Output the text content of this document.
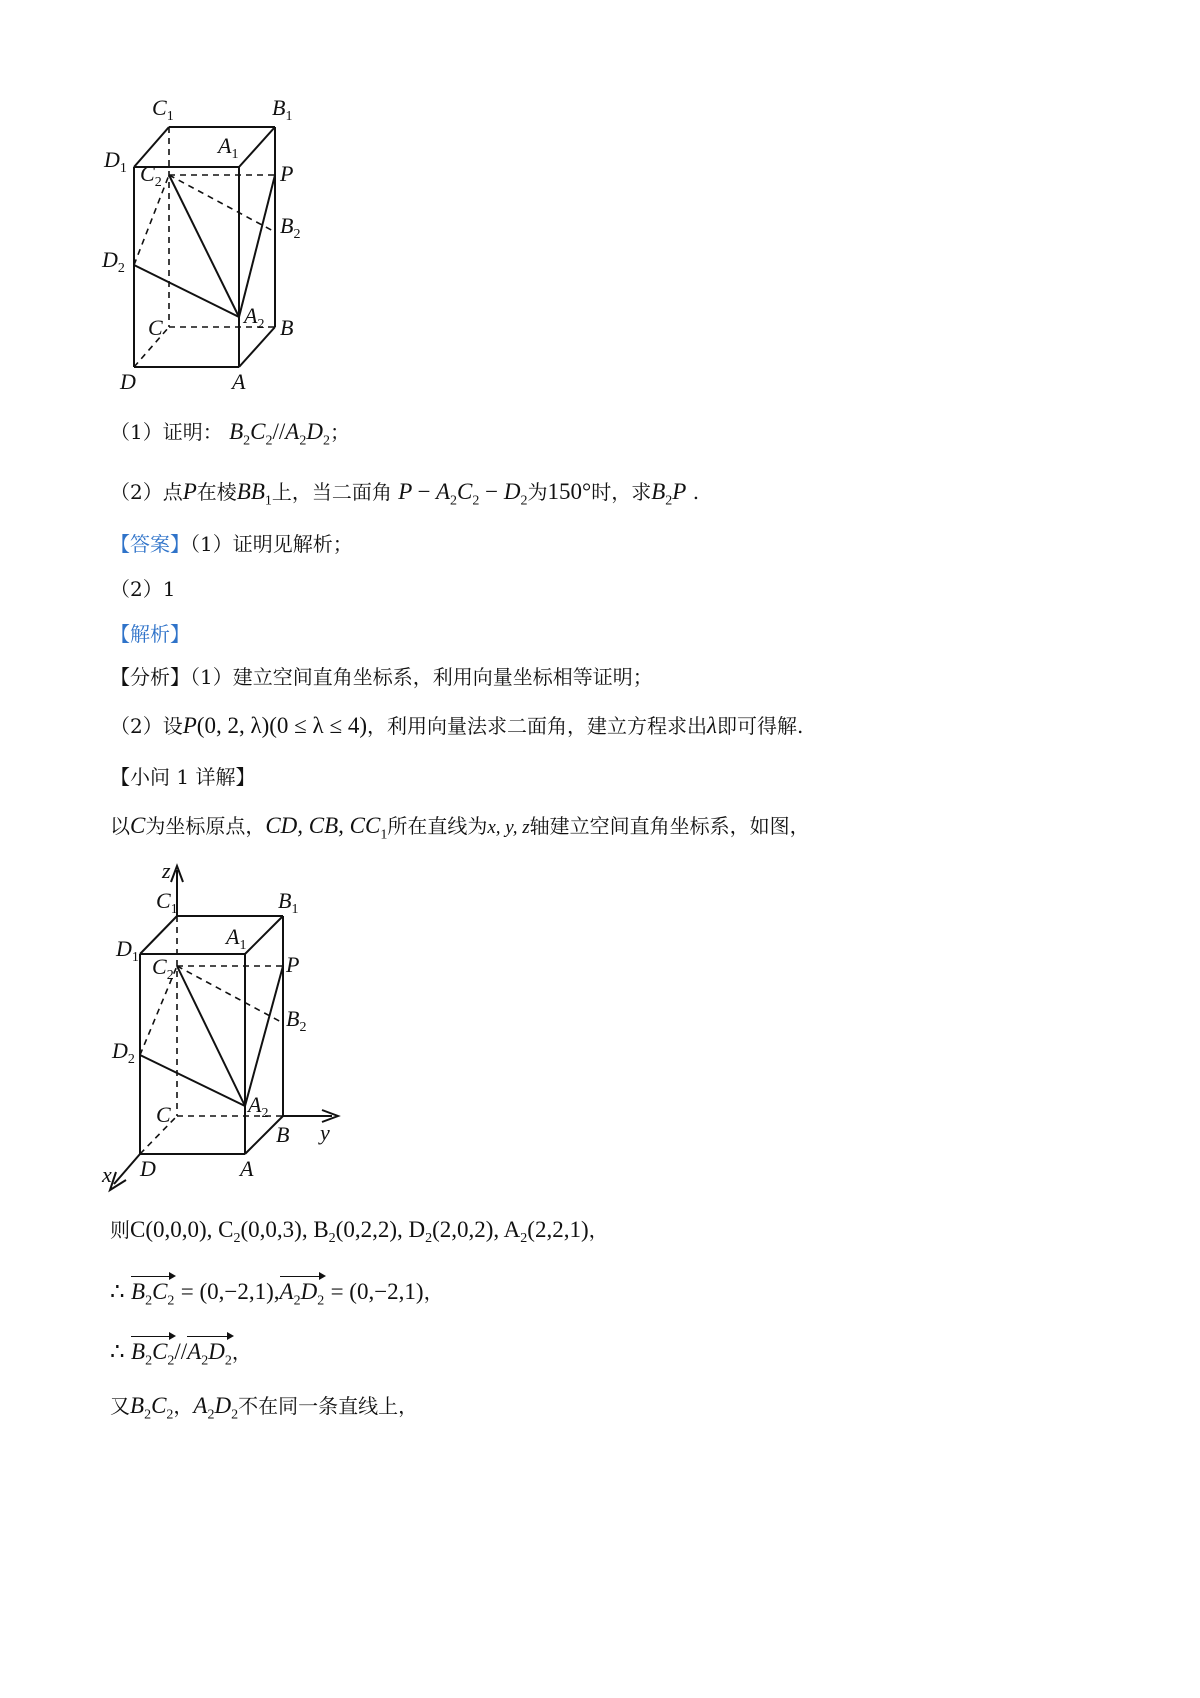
$C_1$	$B_1$
$D_1$
$A_1$
$C_2$	P
$B_2$
$D_2$
$A_2$
C	B
D	A
（1）证明： $B_2C_2//A_2D_2$；
（2）点P在棱$BB_1$上，当二面角 $P - A_2C_2 - D_2$为150°时，求$B_2P$ .
【答案】（1）证明见解析；
（2）1
【解析】
【分析】（1）建立空间直角坐标系，利用向量坐标相等证明；
（2）设P(0, 2, λ)(0 ≤ λ ≤ 4)，利用向量法求二面角，建立方程求出λ即可得解.
【小问 1 详解】
以C为坐标原点，CD, CB, $CC_1$所在直线为x, y, z轴建立空间直角坐标系，如图，
z
y
x
$C_1$	$B_1$
$D_1$
$A_1$
$C_2$	P
$B_2$
$D_2$
$A_2$
C
B
D	A
则C(0,0,0), $C_2(0,0,3)$, $B_2(0,2,2)$, $D_2(2,0,2)$, $A_2(2,2,1)$，
∴ $B_2C_2 = (0,-2,1),A_2D_2 = (0,-2,1)$，
∴ $B_2C_2//A_2D_2$，
又$B_2C_2$，$A_2D_2$不在同一条直线上，
